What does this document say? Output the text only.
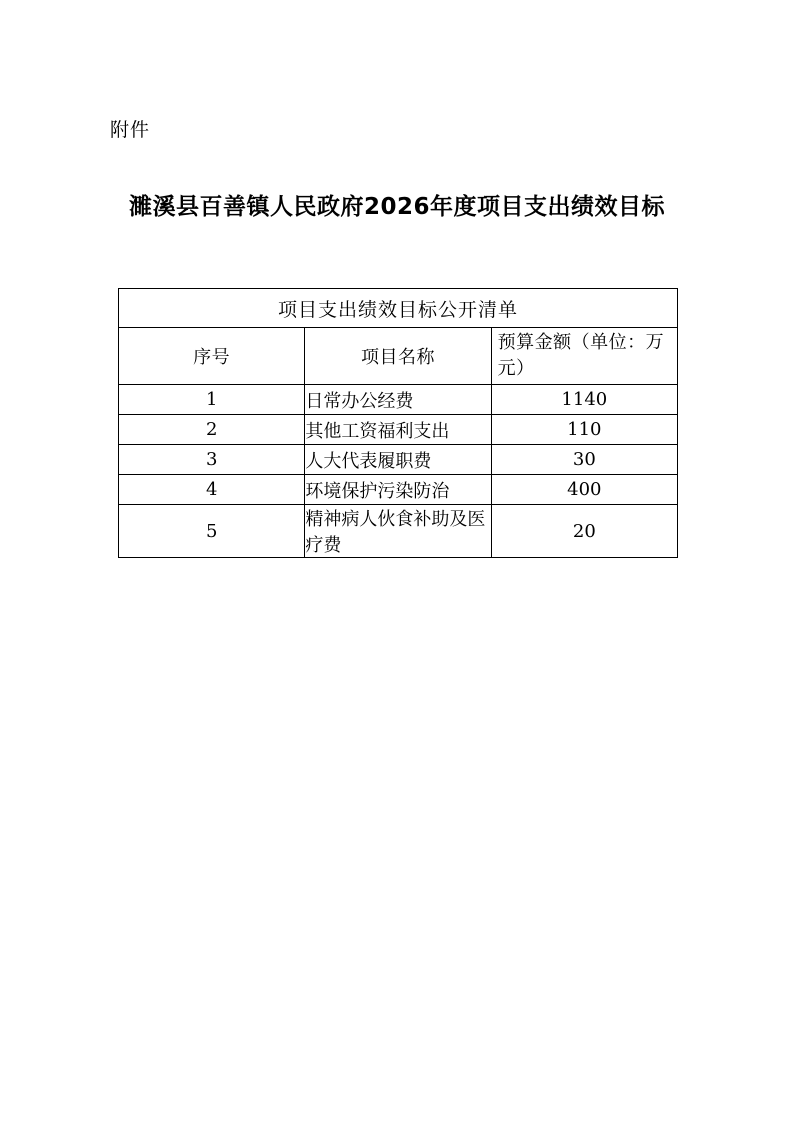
附件
濉溪县百善镇人民政府2026年度项目支出绩效目标
项目支出绩效目标公开清单		
序号	项目名称	预算金额（单位：万元）
1	日常办公经费	1140
2	其他工资福利支出	110
3	人大代表履职费	30
4	环境保护污染防治	400
5	精神病人伙食补助及医疗费	20
